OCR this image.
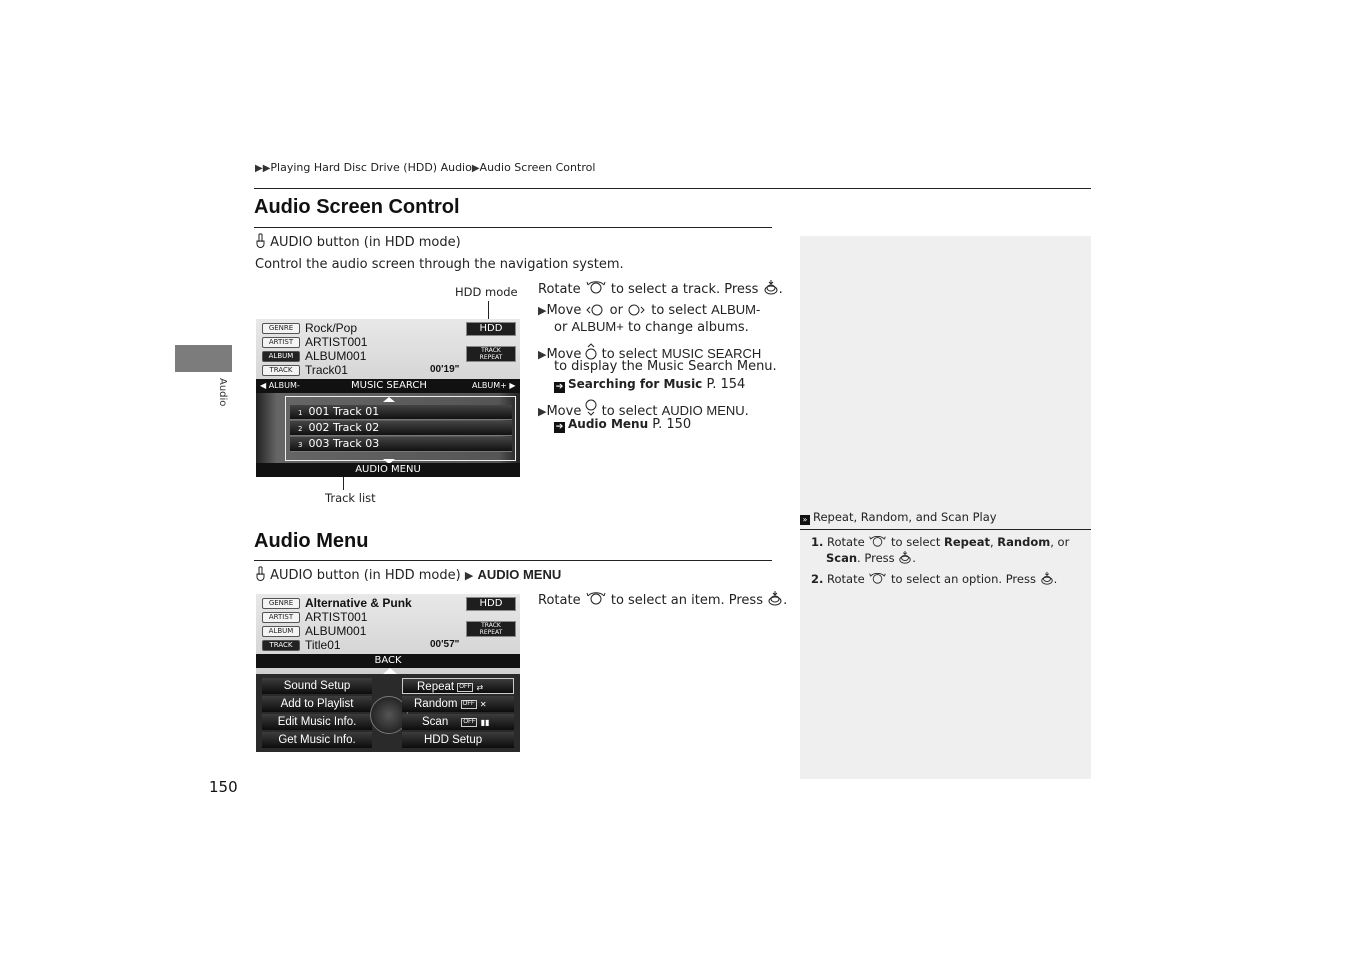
▶▶Playing Hard Disc Drive (HDD) Audio▶Audio Screen Control
Audio
Audio Screen Control
AUDIO button (in HDD mode)
Control the audio screen through the navigation system.
HDD mode
Track list
GENRE
ARTIST
ALBUM
TRACK
Rock/Pop
ARTIST001
ALBUM001
Track01	00'19"
HDD
TRACK
REPEAT
◀ ALBUM-	MUSIC SEARCH	ALBUM+ ▶
1 001 Track 01
2 002 Track 02
3 003 Track 03
AUDIO MENU
Rotate to select a track. Press .
▶Move or to select ALBUM-
or ALBUM+ to change albums.
▶Move to select MUSIC SEARCH
to display the Music Search Menu.
➔ Searching for Music P. 154
▶Move to select AUDIO MENU.
➔ Audio Menu P. 150
Audio Menu
AUDIO button (in HDD mode) ▶ AUDIO MENU
Rotate to select an item. Press .
GENRE
ARTIST
ALBUM
TRACK
Alternative & Punk
ARTIST001
ALBUM001
Title01	00'57"
HDD
TRACK
REPEAT
BACK
Sound Setup
Add to Playlist
Edit Music Info.
Get Music Info.
Repeat OFF ⇄
Random OFF ✕
Scan	OFF ▮▮
HDD Setup
» Repeat, Random, and Scan Play
1. Rotate to select Repeat, Random, or
Scan. Press .
2. Rotate to select an option. Press .
150
